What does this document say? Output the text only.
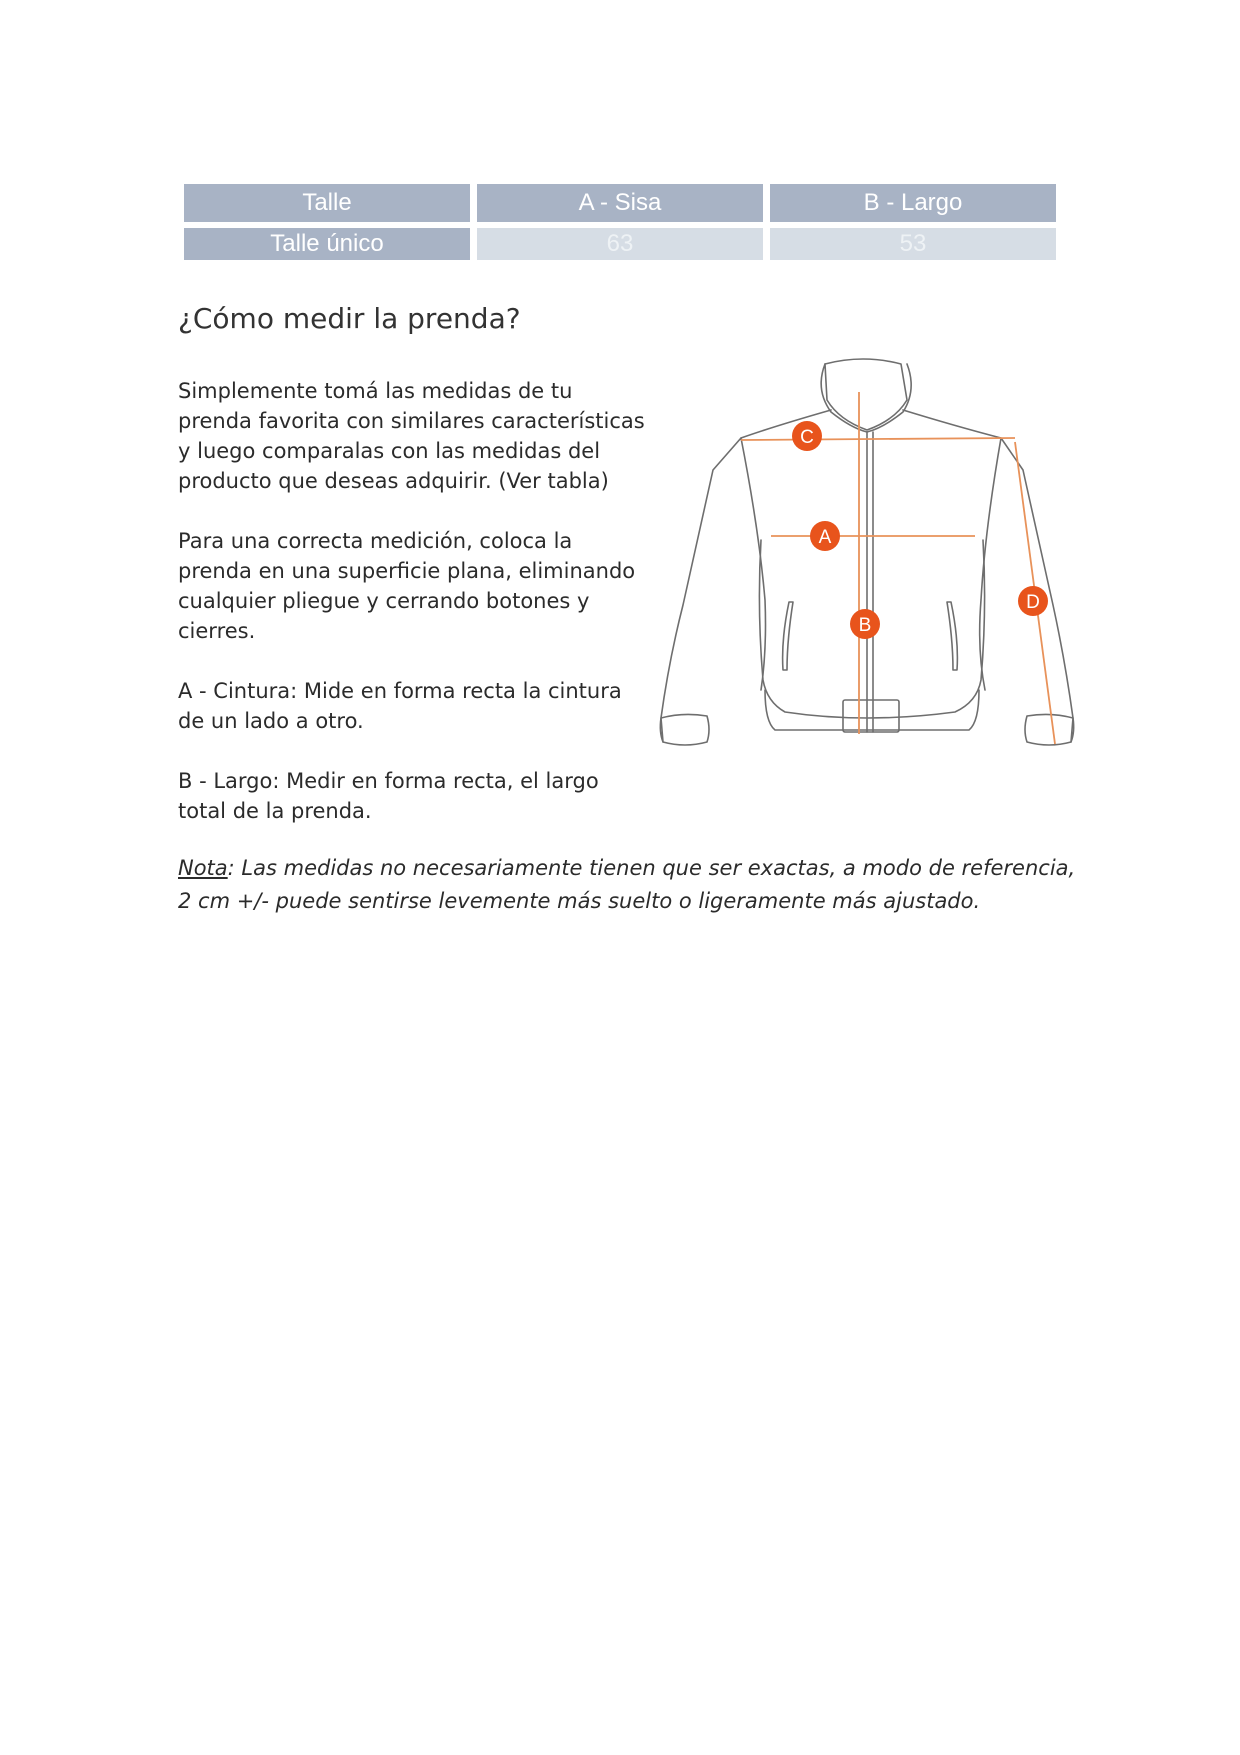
Talle	A - Sisa	B - Largo
Talle único	63	53
¿Cómo medir la prenda?

Simplemente tomá las medidas de tu prenda favorita con similares características y luego comparalas con las medidas del producto que deseas adquirir. (Ver tabla)

Para una correcta medición, coloca la prenda en una superficie plana, eliminando cualquier pliegue y cerrando botones y cierres.

A - Cintura: Mide en forma recta la cintura de un lado a otro.

B - Largo: Medir en forma recta, el largo total de la prenda.

Nota: Las medidas no necesariamente tienen que ser exactas, a modo de referencia, 2 cm +/- puede sentirse levemente más suelto o ligeramente más ajustado.
C
A
B
D
